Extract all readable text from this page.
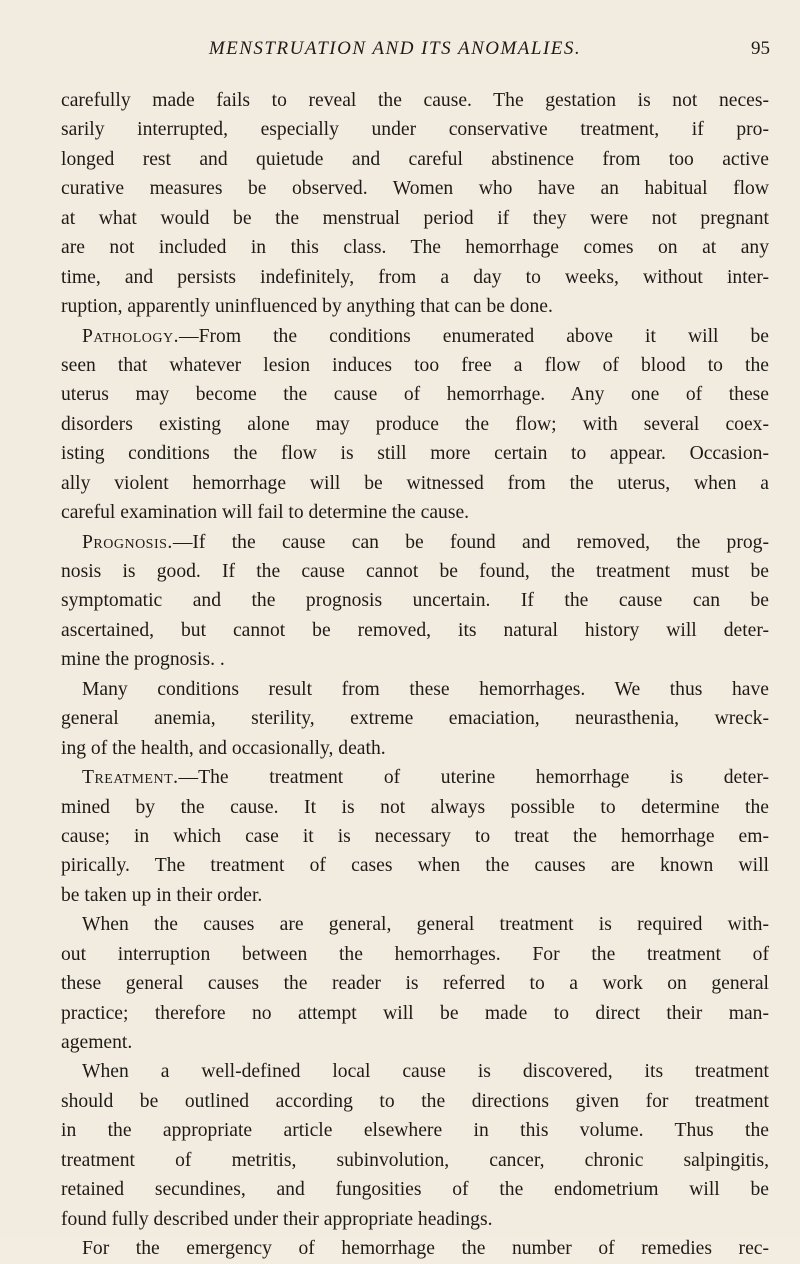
MENSTRUATION AND ITS ANOMALIES.	95
carefully made fails to reveal the cause. The gestation is not neces-
sarily interrupted, especially under conservative treatment, if pro-
longed rest and quietude and careful abstinence from too active
curative measures be observed. Women who have an habitual flow
at what would be the menstrual period if they were not pregnant
are not included in this class. The hemorrhage comes on at any
time, and persists indefinitely, from a day to weeks, without inter-
ruption, apparently uninfluenced by anything that can be done.
Pathology.—From the conditions enumerated above it will be
seen that whatever lesion induces too free a flow of blood to the
uterus may become the cause of hemorrhage. Any one of these
disorders existing alone may produce the flow; with several coex-
isting conditions the flow is still more certain to appear. Occasion-
ally violent hemorrhage will be witnessed from the uterus, when a
careful examination will fail to determine the cause.
Prognosis.—If the cause can be found and removed, the prog-
nosis is good. If the cause cannot be found, the treatment must be
symptomatic and the prognosis uncertain. If the cause can be
ascertained, but cannot be removed, its natural history will deter-
mine the prognosis. .
Many conditions result from these hemorrhages. We thus have
general anemia, sterility, extreme emaciation, neurasthenia, wreck-
ing of the health, and occasionally, death.
Treatment.—The treatment of uterine hemorrhage is deter-
mined by the cause. It is not always possible to determine the
cause; in which case it is necessary to treat the hemorrhage em-
pirically. The treatment of cases when the causes are known will
be taken up in their order.
When the causes are general, general treatment is required with-
out interruption between the hemorrhages. For the treatment of
these general causes the reader is referred to a work on general
practice; therefore no attempt will be made to direct their man-
agement.
When a well-defined local cause is discovered, its treatment
should be outlined according to the directions given for treatment
in the appropriate article elsewhere in this volume. Thus the
treatment of metritis, subinvolution, cancer, chronic salpingitis,
retained secundines, and fungosities of the endometrium will be
found fully described under their appropriate headings.
For the emergency of hemorrhage the number of remedies rec-
